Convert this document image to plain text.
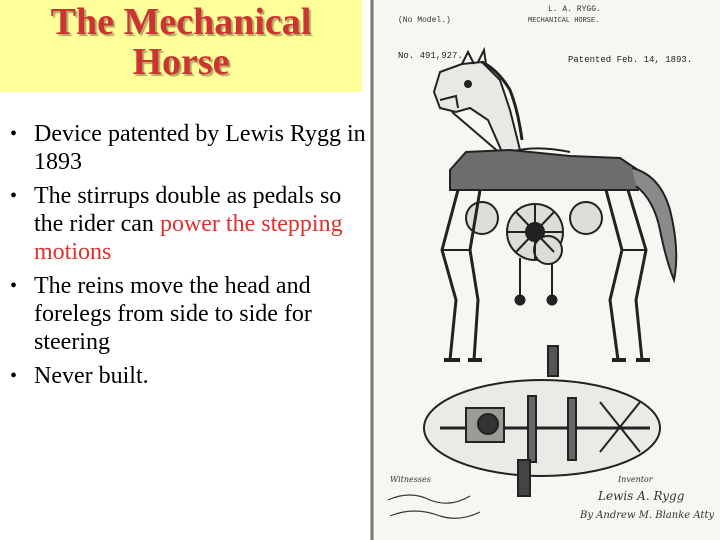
The Mechanical
Horse
• Device patented by Lewis Rygg in 1893
• The stirrups double as pedals so the rider can power the stepping motions
• The reins move the head and forelegs from side to side for steering
• Never built.
(No Model.)
L. A. RYGG.
MECHANICAL HORSE.
No. 491,927.	Patented Feb. 14, 1893.
Witnesses	Inventor
Lewis A. Rygg
By Andrew M. Blanke Atty
